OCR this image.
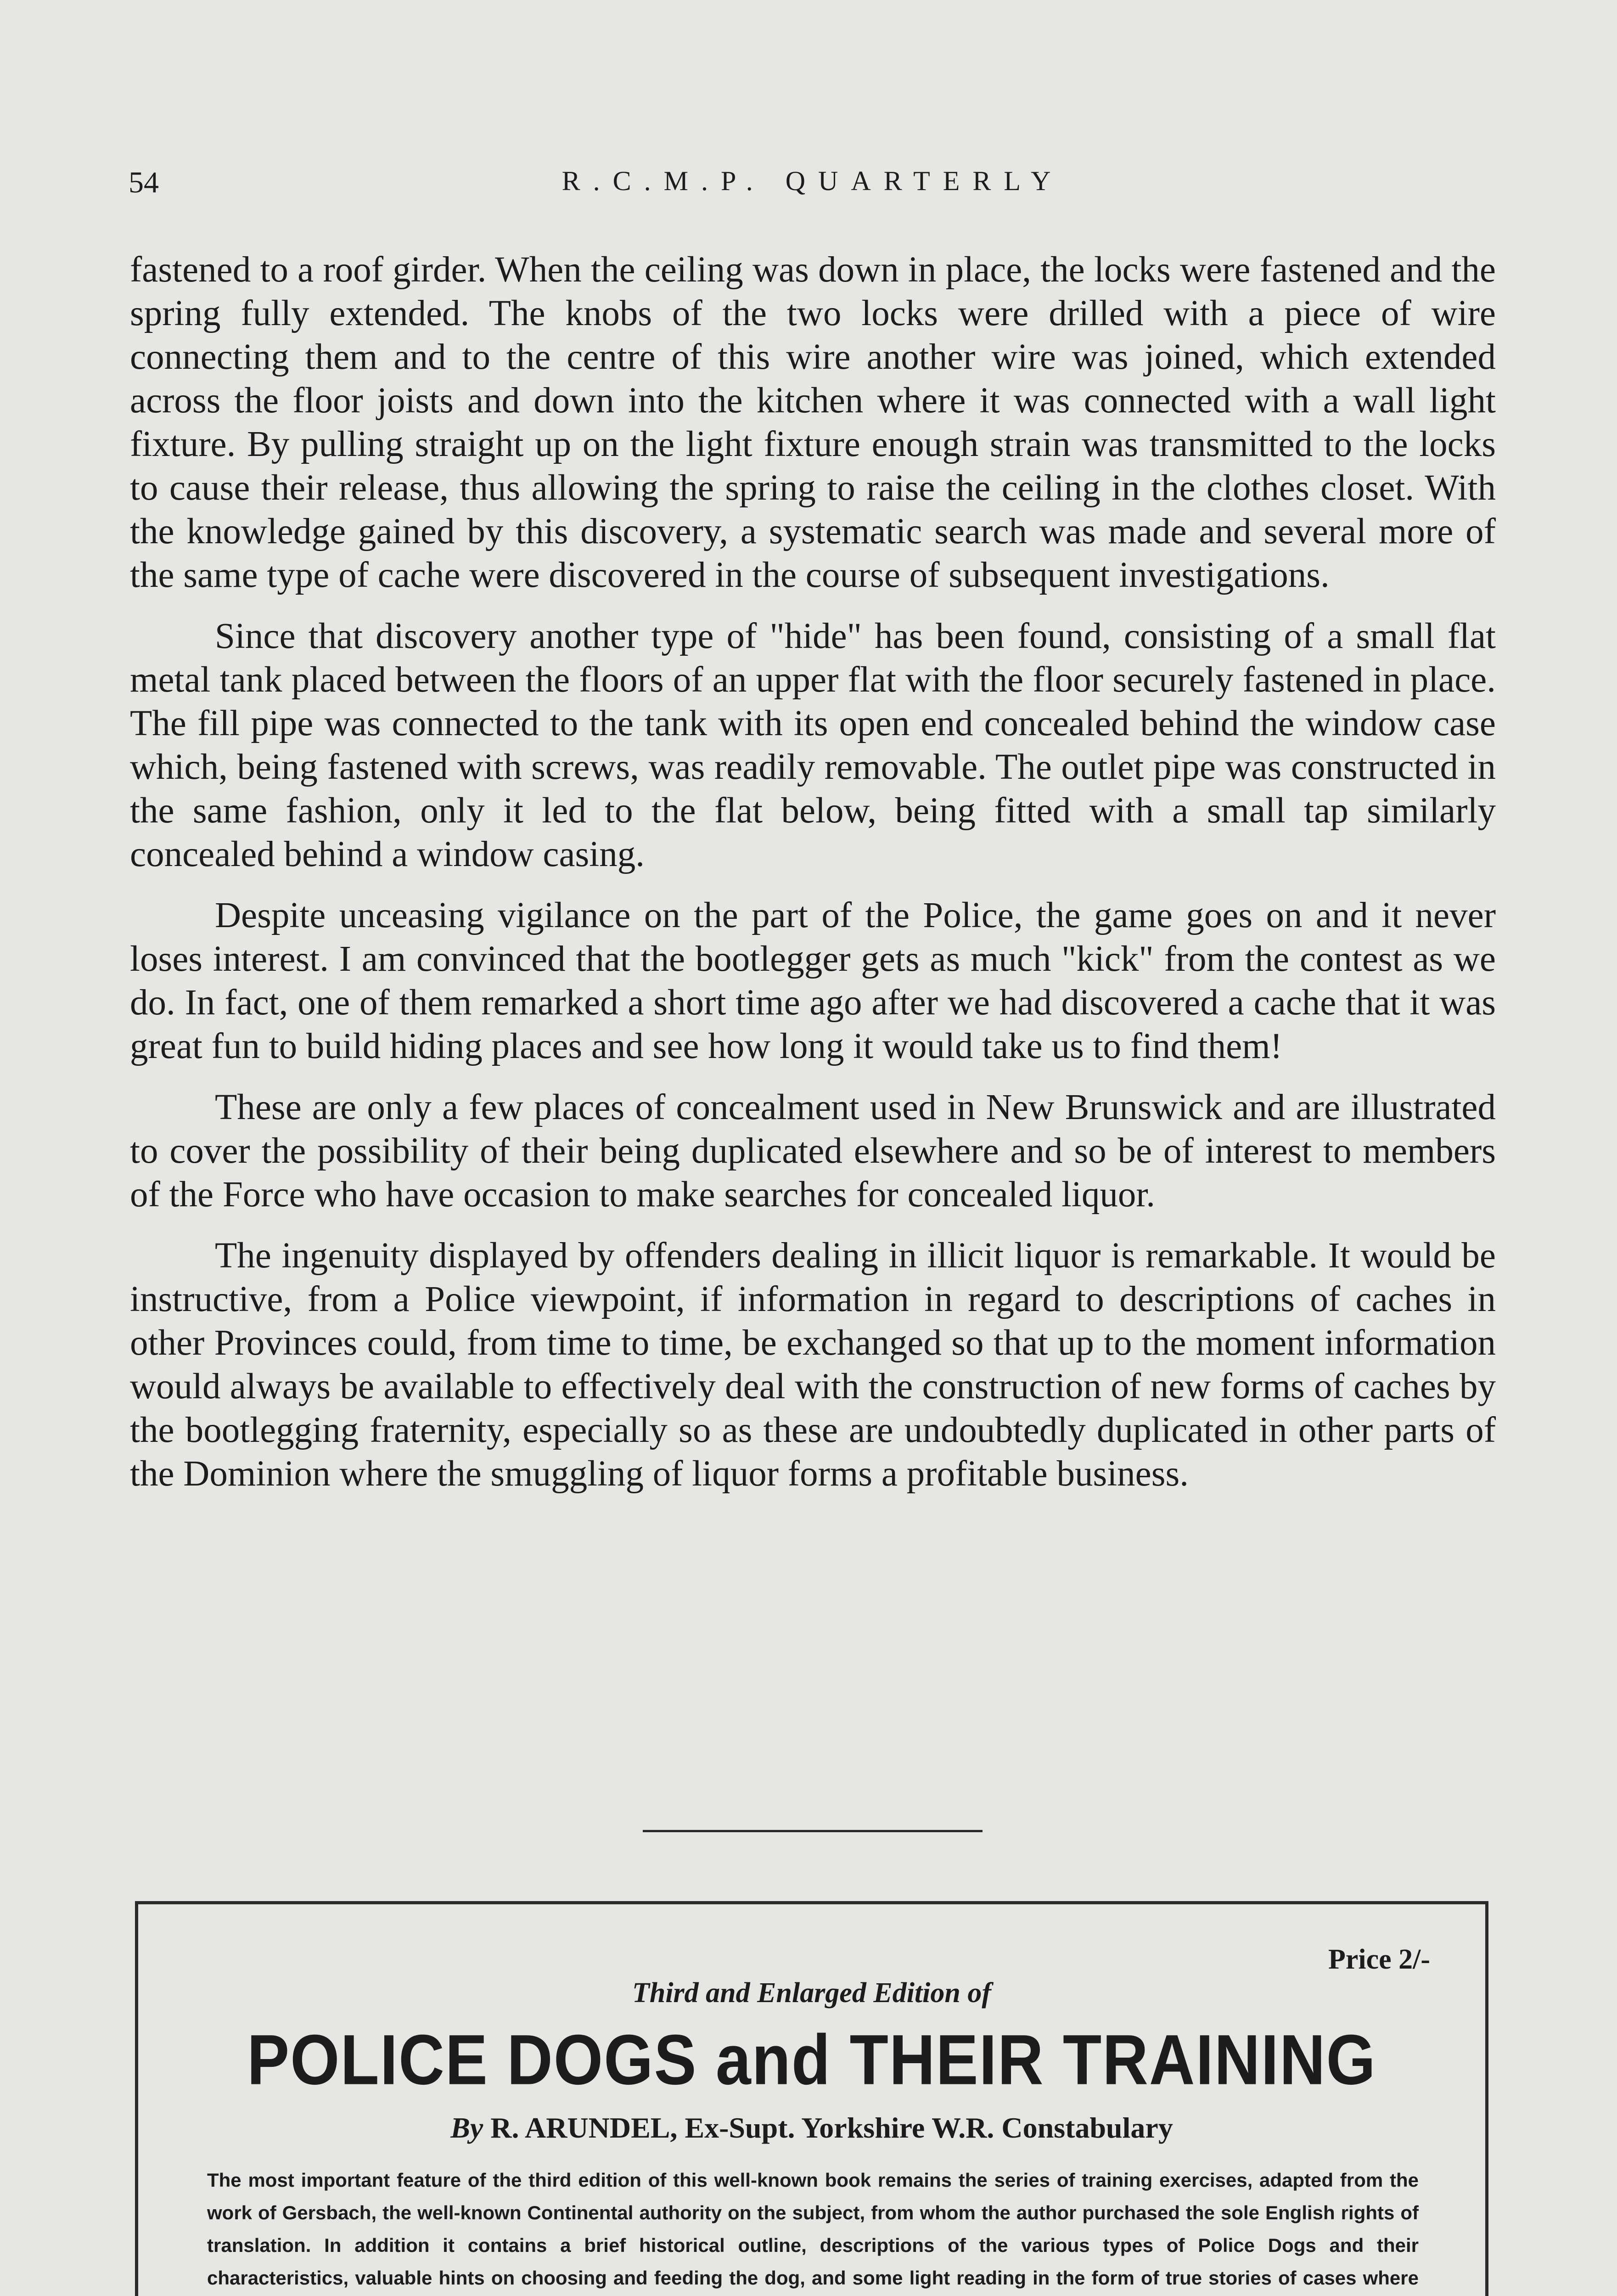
54	R.C.M.P. QUARTERLY

fastened to a roof girder. When the ceiling was down in place, the locks were fastened and the spring fully extended. The knobs of the two locks were drilled with a piece of wire connecting them and to the centre of this wire another wire was joined, which extended across the floor joists and down into the kitchen where it was connected with a wall light fixture. By pulling straight up on the light fixture enough strain was transmitted to the locks to cause their release, thus allowing the spring to raise the ceiling in the clothes closet. With the knowledge gained by this discovery, a systematic search was made and several more of the same type of cache were discovered in the course of subsequent investigations.

Since that discovery another type of "hide" has been found, consisting of a small flat metal tank placed between the floors of an upper flat with the floor securely fastened in place. The fill pipe was connected to the tank with its open end concealed behind the window case which, being fastened with screws, was readily removable. The outlet pipe was constructed in the same fashion, only it led to the flat below, being fitted with a small tap similarly concealed behind a window casing.

Despite unceasing vigilance on the part of the Police, the game goes on and it never loses interest. I am convinced that the bootlegger gets as much "kick" from the contest as we do. In fact, one of them remarked a short time ago after we had discovered a cache that it was great fun to build hiding places and see how long it would take us to find them!

These are only a few places of concealment used in New Brunswick and are illustrated to cover the possibility of their being duplicated elsewhere and so be of interest to members of the Force who have occasion to make searches for concealed liquor.

The ingenuity displayed by offenders dealing in illicit liquor is remarkable. It would be instructive, from a Police viewpoint, if information in regard to descriptions of caches in other Provinces could, from time to time, be exchanged so that up to the moment information would always be available to effectively deal with the construction of new forms of caches by the bootlegging fraternity, especially so as these are undoubtedly duplicated in other parts of the Dominion where the smuggling of liquor forms a profitable business.

Price 2/-
Third and Enlarged Edition of
POLICE DOGS and THEIR TRAINING
By R. ARUNDEL, Ex-Supt. Yorkshire W.R. Constabulary

The most important feature of the third edition of this well-known book remains the series of training exercises, adapted from the work of Gersbach, the well-known Continental authority on the subject, from whom the author purchased the sole English rights of translation. In addition it contains a brief historical outline, descriptions of the various types of Police Dogs and their characteristics, valuable hints on choosing and feeding the dog, and some light reading in the form of true stories of cases where
